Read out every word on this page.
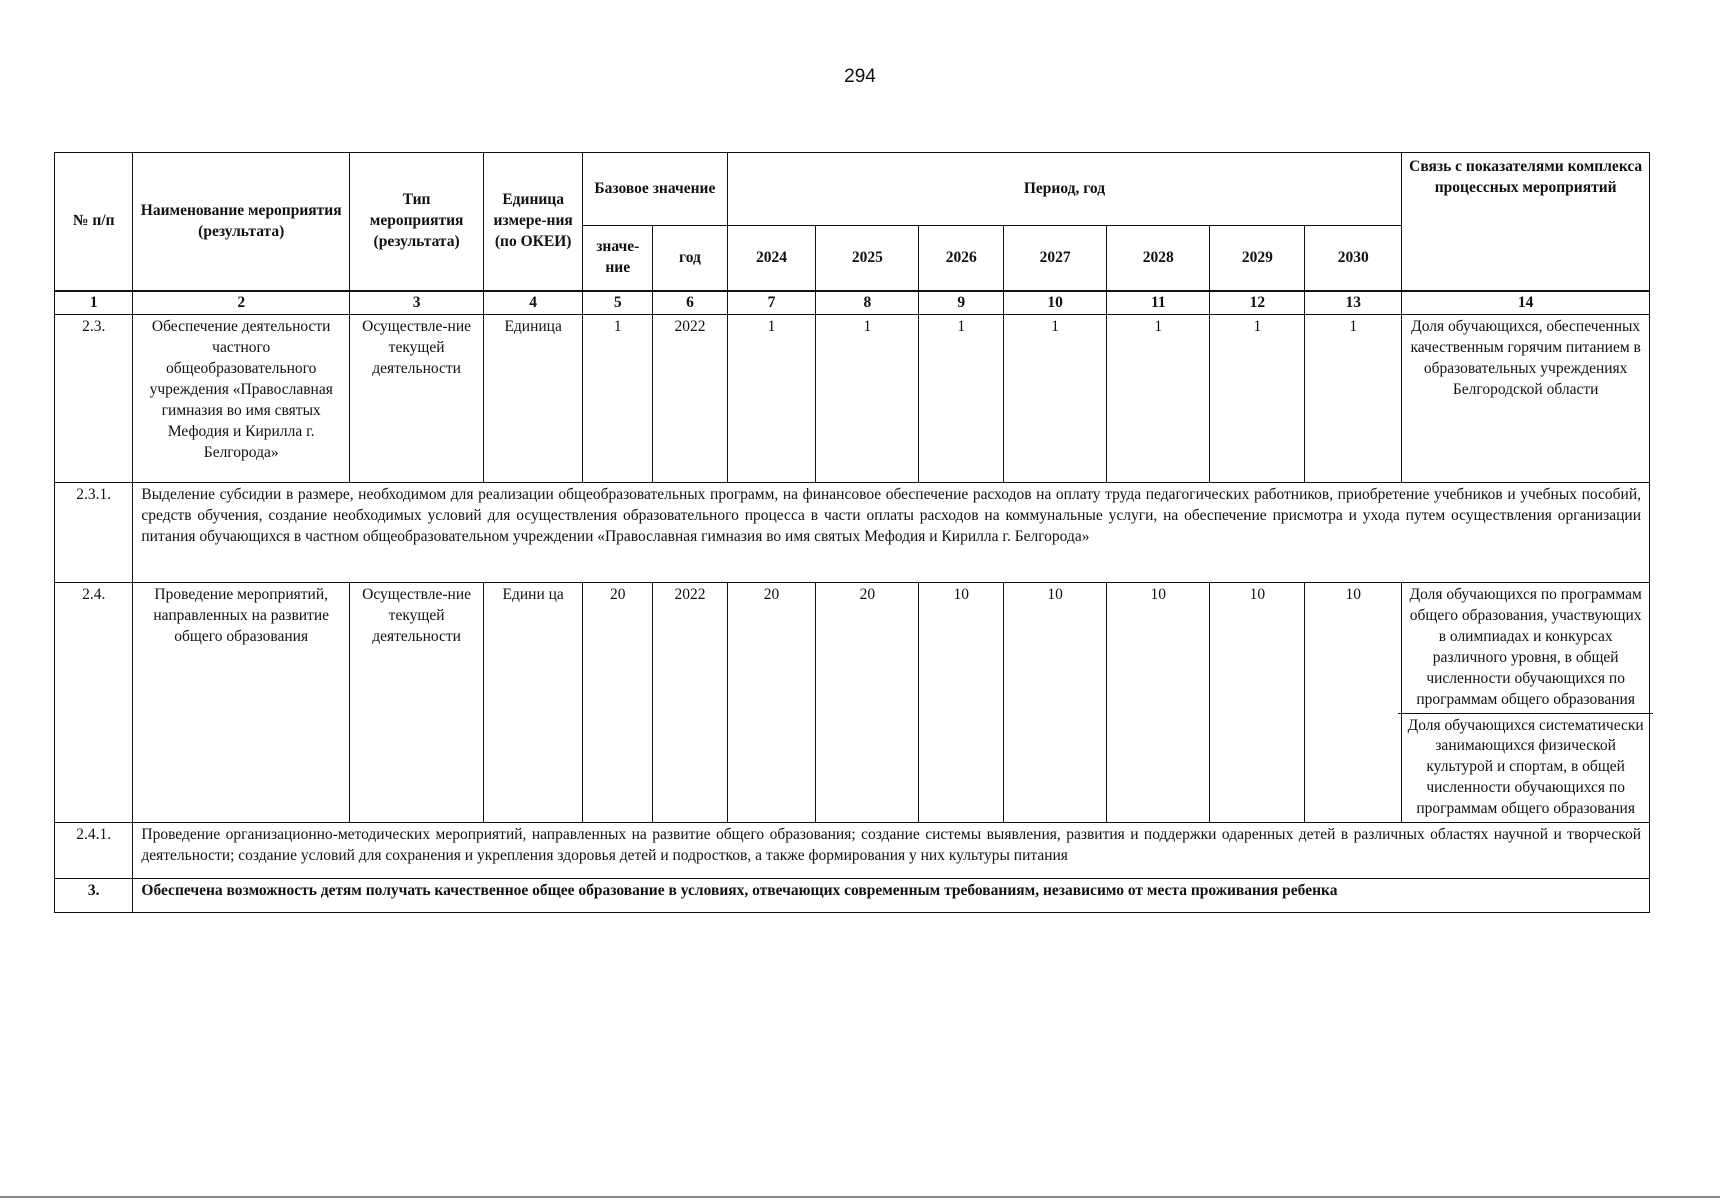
294
№ п/п	Наименование мероприятия (результата)	Тип мероприятия (результата)	Единица измере-ния (по ОКЕИ)	Базовое значение		Период, год							Связь с показателями комплекса процессных мероприятий
				значе-ние	год	2024	2025	2026	2027	2028	2029	2030	
1	2	3	4	5	6	7	8	9	10	11	12	13	14
2.3.	Обеспечение деятельности частного общеобразовательного учреждения «Православная гимназия во имя святых Мефодия и Кирилла г. Белгорода»	Осуществле-ние текущей деятельности	Единица	1	2022	1	1	1	1	1	1	1	Доля обучающихся, обеспеченных качественным горячим питанием в образовательных учреждениях Белгородской области
2.3.1.	Выделение субсидии в размере, необходимом для реализации общеобразовательных программ, на финансовое обеспечение расходов на оплату труда педагогических работников, приобретение учебников и учебных пособий, средств обучения, создание необходимых условий для осуществления образовательного процесса в части оплаты расходов на коммунальные услуги, на обеспечение присмотра и ухода путем осуществления организации питания обучающихся в частном общеобразовательном учреждении «Православная гимназия во имя святых Мефодия и Кирилла г. Белгорода»												
2.4.	Проведение мероприятий, направленных на развитие общего образования	Осуществле-ние текущей деятельности	Едини ца	20	2022	20	20	10	10	10	10	10	Доля обучающихся по программам общего образования, участвующих в олимпиадах и конкурсах различного уровня, в общей численности обучающихся по программам общего образования
Доля обучающихся систематически занимающихся физической культурой и спортам, в общей численности обучающихся по программам общего образования

2.4.1.	Проведение организационно-методических мероприятий, направленных на развитие общего образования; создание системы выявления, развития и поддержки одаренных детей в различных областях научной и творческой деятельности; создание условий для сохранения и укрепления здоровья детей и подростков, а также формирования у них культуры питания												
3.	Обеспечена возможность детям получать качественное общее образование в условиях, отвечающих современным требованиям, независимо от места проживания ребенка												
